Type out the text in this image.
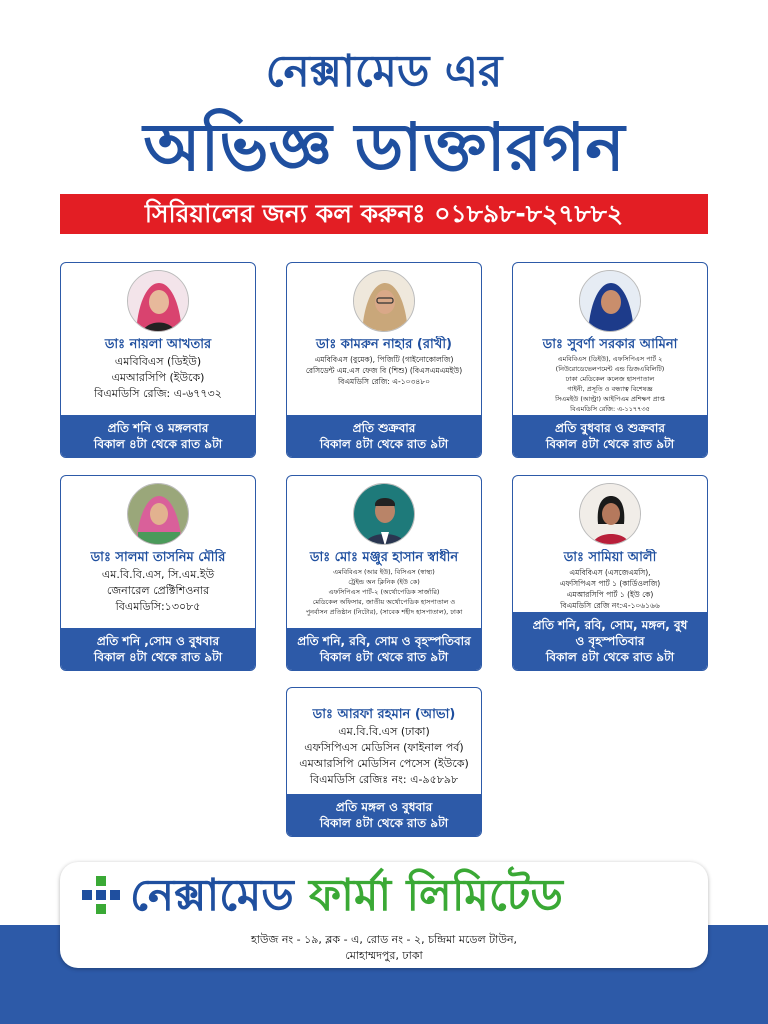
নেক্সামেড এর
অভিজ্ঞ ডাক্তারগন
সিরিয়ালের জন্য কল করুনঃ ০১৮৯৮-৮২৭৮৮২
ডাঃ নায়লা আখতার
এমবিবিএস (ডিইউ)
এমআরসিপি (ইউকে)
বিএমডিসি রেজি: এ-৬৭৭৩২
প্রতি শনি ও মঙ্গলবার
বিকাল ৪টা থেকে রাত ৯টা
ডাঃ কামরুন নাহার (রাখী)
এমবিবিএস (বুমেক), পিজিটি (গাইনোকোলজি)
রেসিডেন্ট এম.এস ফেজ বি (শিশু) (বিএসএমএমইউ)
বিএমডিসি রেজি: এ-১০৩৪৮০
প্রতি শুক্রবার
বিকাল ৪টা থেকে রাত ৯টা
ডাঃ সুবর্ণা সরকার আমিনা
এমবিবিএস (ডিইউ), এফসিপিএস পার্ট ২
(নিউরোডেভেলপমেন্ট এন্ড ডিজএবিলিটি)
ঢাকা মেডিকেল কলেজ হাসপাতাল
গাইনী, প্রসূতি ও বন্ধ্যাত্ব বিশেষজ্ঞ
সিএমইউ (আল্ট্রা) আইপিএম প্রশিক্ষণ প্রাপ্ত
বিএমডিসি রেজি: এ-১১৭৭৩৫
প্রতি বুধবার ও শুক্রবার
বিকাল ৪টা থেকে রাত ৯টা
ডাঃ সালমা তাসনিম মৌরি
এম.বি.বি.এস, সি.এম.ইউ
জেনারেল প্রেক্টিশিওনার
বিএমডিসি:১৩০৮৫
প্রতি শনি ,সোম ও বুধবার
বিকাল ৪টা থেকে রাত ৯টা
ডাঃ মোঃ মঞ্জুর হাসান স্বাধীন
এমবিবিএস (আর ইউ), বিসিএস (স্বাস্থ্য)
ট্রেইন্ড অন ক্লিনিক (ইউ কে)
এফসিপিএস পার্ট-২ (অর্থোপেডিক সার্জারি)
মেডিকেল অফিসার, জাতীয় অর্থোপেডিক হাসপাতাল ও
পুনর্বাসন প্রতিষ্ঠান (নিটোর), (সাবেক শহীদ হাসপাতাল), ঢাকা
প্রতি শনি, রবি, সোম ও বৃহস্পতিবার
বিকাল ৪টা থেকে রাত ৯টা
ডাঃ সামিয়া আলী
এমবিবিএস (এসজেএমসি),
এফসিপিএস পার্ট ১ (কার্ডিওলজি)
এমআরসিপি পার্ট ১ (ইউ কে)
বিএমডিসি রেজি নং:এ-১০৬১৬৬
প্রতি শনি, রবি, সোম, মঙ্গল, বুধ
ও বৃহস্পতিবার
বিকাল ৪টা থেকে রাত ৯টা
ডাঃ আরফা রহমান (আভা)
এম.বি.বি.এস (ঢাকা)
এফসিপিএস মেডিসিন (ফাইনাল পর্ব)
এমআরসিপি মেডিসিন পেসেস (ইউকে)
বিএমডিসি রেজিঃ নং: এ-৯৫৮৯৮
প্রতি মঙ্গল ও বুধবার
বিকাল ৪টা থেকে রাত ৯টা
নেক্সামেড ফার্মা লিমিটেড
হাউজ নং - ১৯, ব্লক - এ, রোড নং - ২, চন্দ্রিমা মডেল টাউন,
মোহাম্মদপুর, ঢাকা
